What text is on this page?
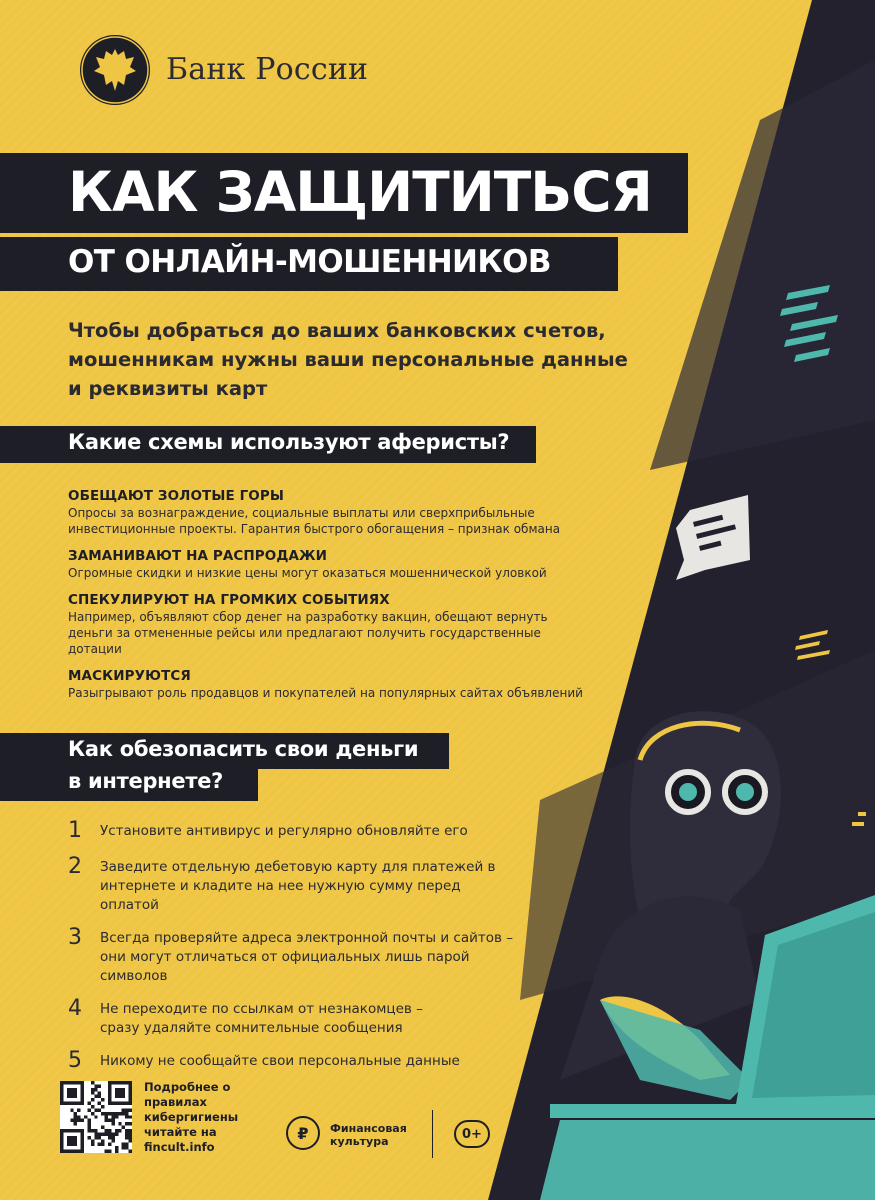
Банк России
КАК ЗАЩИТИТЬСЯ
ОТ ОНЛАЙН-МОШЕННИКОВ
Чтобы добраться до ваших банковских счетов, мошенникам нужны ваши персональные данные и реквизиты карт
Какие схемы используют аферисты?
ОБЕЩАЮТ ЗОЛОТЫЕ ГОРЫ
Опросы за вознаграждение, социальные выплаты или сверхприбыльные инвестиционные проекты. Гарантия быстрого обогащения – признак обмана
ЗАМАНИВАЮТ НА РАСПРОДАЖИ
Огромные скидки и низкие цены могут оказаться мошеннической уловкой
СПЕКУЛИРУЮТ НА ГРОМКИХ СОБЫТИЯХ
Например, объявляют сбор денег на разработку вакцин, обещают вернуть деньги за отмененные рейсы или предлагают получить государственные дотации
МАСКИРУЮТСЯ
Разыгрывают роль продавцов и покупателей на популярных сайтах объявлений
Как обезопасить свои деньги
в интернете?
1	Установите антивирус и регулярно обновляйте его
2	Заведите отдельную дебетовую карту для платежей в интернете и кладите на нее нужную сумму перед оплатой
3	Всегда проверяйте адреса электронной почты и сайтов – они могут отличаться от официальных лишь парой символов
4	Не переходите по ссылкам от незнакомцев – сразу удаляйте сомнительные сообщения
5	Никому не сообщайте свои персональные данные
Подробнее о правилах кибергигиены читайте на fincult.info
₽	Финансовая культура	0+
